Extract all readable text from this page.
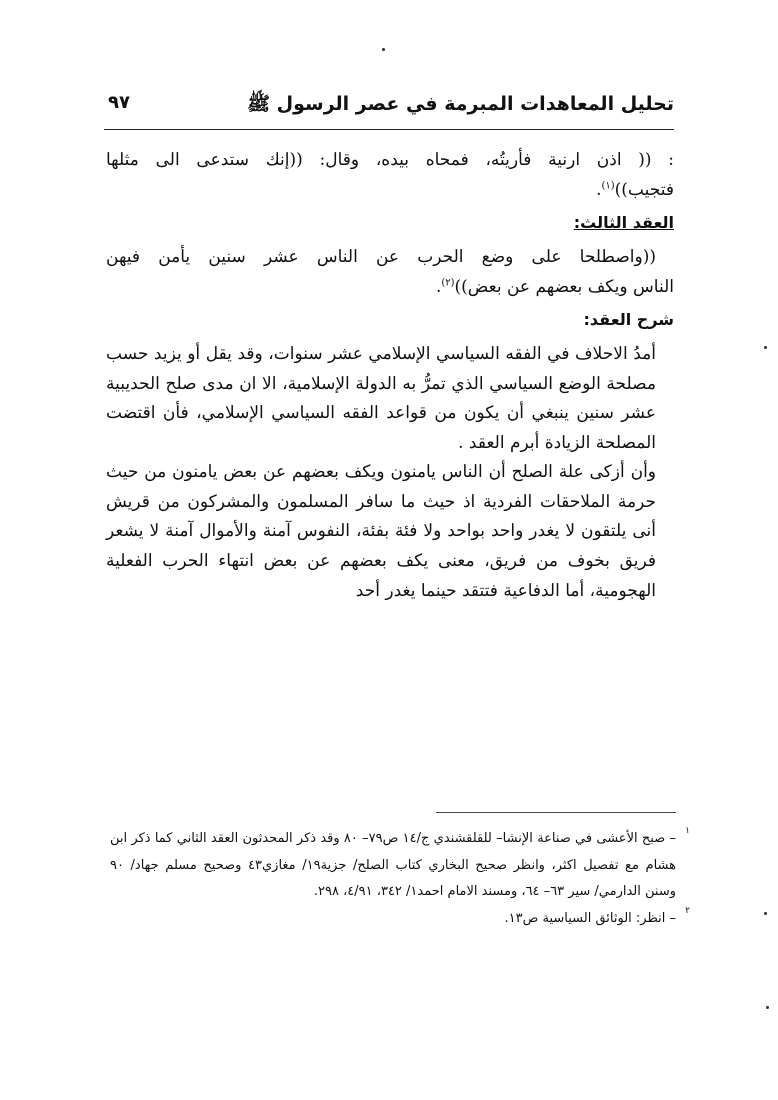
تحليل المعاهدات المبرمة في عصر الرسول ﷺ
٩٧

: (( اذن ارنية فأريتُه، فمحاه بيده، وقال: ((إنك ستدعى الى مثلها
فتجيب))$^{(١)}$.

العقد الثالث:

((واصطلحا على وضع الحرب عن الناس عشر سنين يأمن فيهن
الناس ويكف بعضهم عن بعض))$^{(٢)}$.

شرح العقد:

أمدُ الاحلاف في الفقه السياسي الإسلامي عشر سنوات، وقد يقل أو يزيد حسب مصلحة الوضع السياسي الذي تمرُّ به الدولة الإسلامية، الا ان مدى صلح الحديبية عشر سنين ينبغي أن يكون من قواعد الفقه السياسي الإسلامي، فأن اقتضت المصلحة الزيادة أبرم العقد .

وأن أزكى علة الصلح أن الناس يامنون ويكف بعضهم عن بعض يامنون من حيث حرمة الملاحقات الفردية اذ حيث ما سافر المسلمون والمشركون من قريش أنى يلتقون لا يغدر واحد بواحد ولا فئة بفئة، النفوس آمنة والأموال آمنة لا يشعر فريق بخوف من فريق، معنى يكف بعضهم عن بعض انتهاء الحرب الفعلية الهجومية، أما الدفاعية فتتقد حينما يغدر أحد

١
– صبح الأعشى في صناعة الإنشا– للقلقشندي ج/١٤ ص٧٩– ٨٠ وقد ذكر المحدثون العقد الثاني كما ذكر ابن هشام مع تفصيل اكثر، وانظر صحيح البخاري كتاب الصلح/ جزية١٩/ مغازي٤٣ وصحيح مسلم جهاد/ ٩٠ وسنن الدارمي/ سير ٦٣– ٦٤، ومسند الامام احمد١/ ٣٤٢، ٤/٩١، ٢٩٨.
٢
– انظر: الوثائق السياسية ص١٣.
